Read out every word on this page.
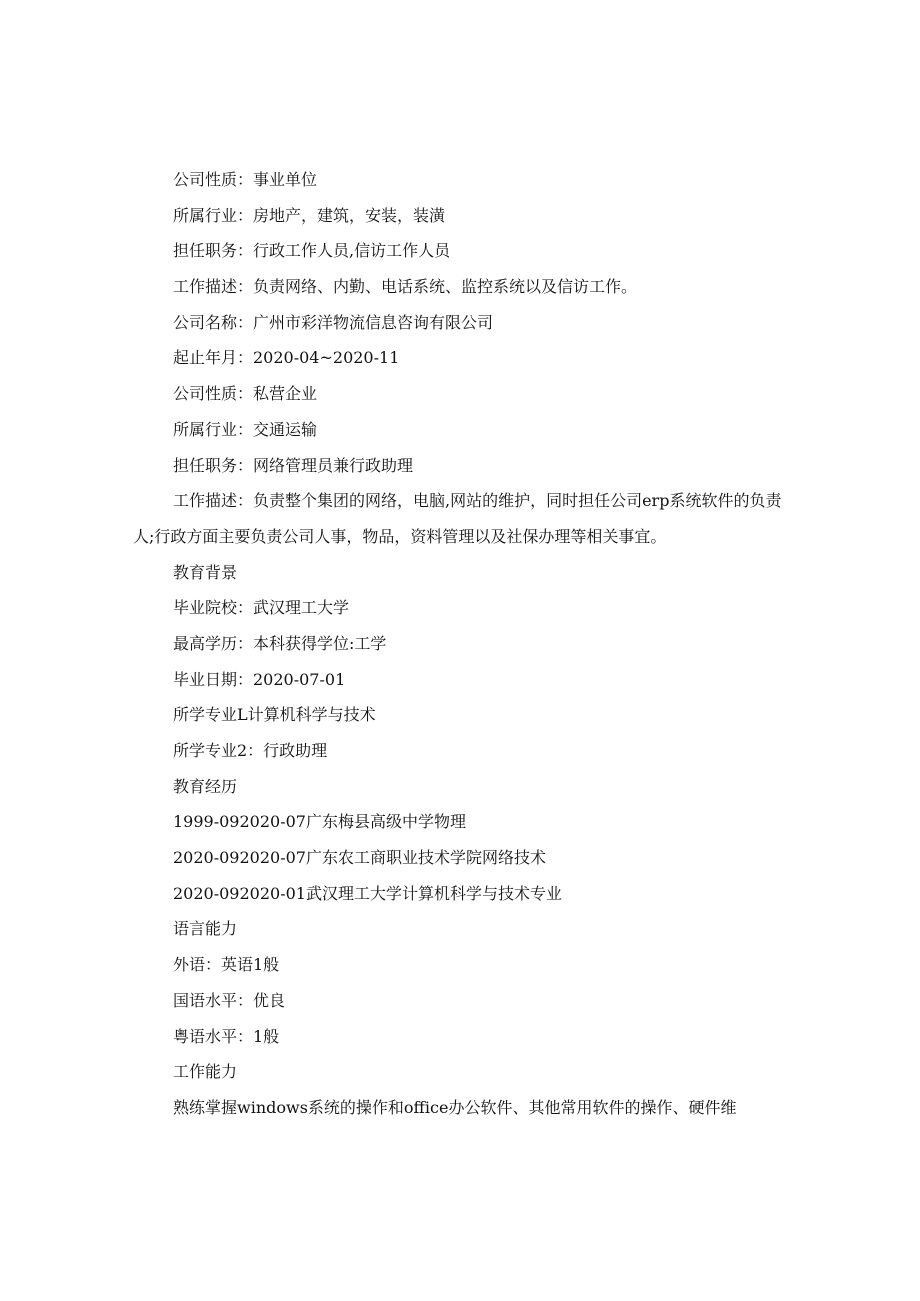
公司性质：事业单位

所属行业：房地产，建筑，安装，装潢

担任职务：行政工作人员,信访工作人员

工作描述：负责网络、内勤、电话系统、监控系统以及信访工作。

公司名称：广州市彩洋物流信息咨询有限公司

起止年月：2020-04~2020-11

公司性质：私营企业

所属行业：交通运输

担任职务：网络管理员兼行政助理

工作描述：负责整个集团的网络，电脑,网站的维护，同时担任公司erp系统软件的负责人;行政方面主要负责公司人事，物品，资料管理以及社保办理等相关事宜。

教育背景

毕业院校：武汉理工大学

最高学历：本科获得学位:工学

毕业日期：2020-07-01

所学专业L计算机科学与技术

所学专业2：行政助理

教育经历

1999-092020-07广东梅县高级中学物理

2020-092020-07广东农工商职业技术学院网络技术

2020-092020-01武汉理工大学计算机科学与技术专业

语言能力

外语：英语1般

国语水平：优良

粤语水平：1般

工作能力

熟练掌握windows系统的操作和office办公软件、其他常用软件的操作、硬件维
